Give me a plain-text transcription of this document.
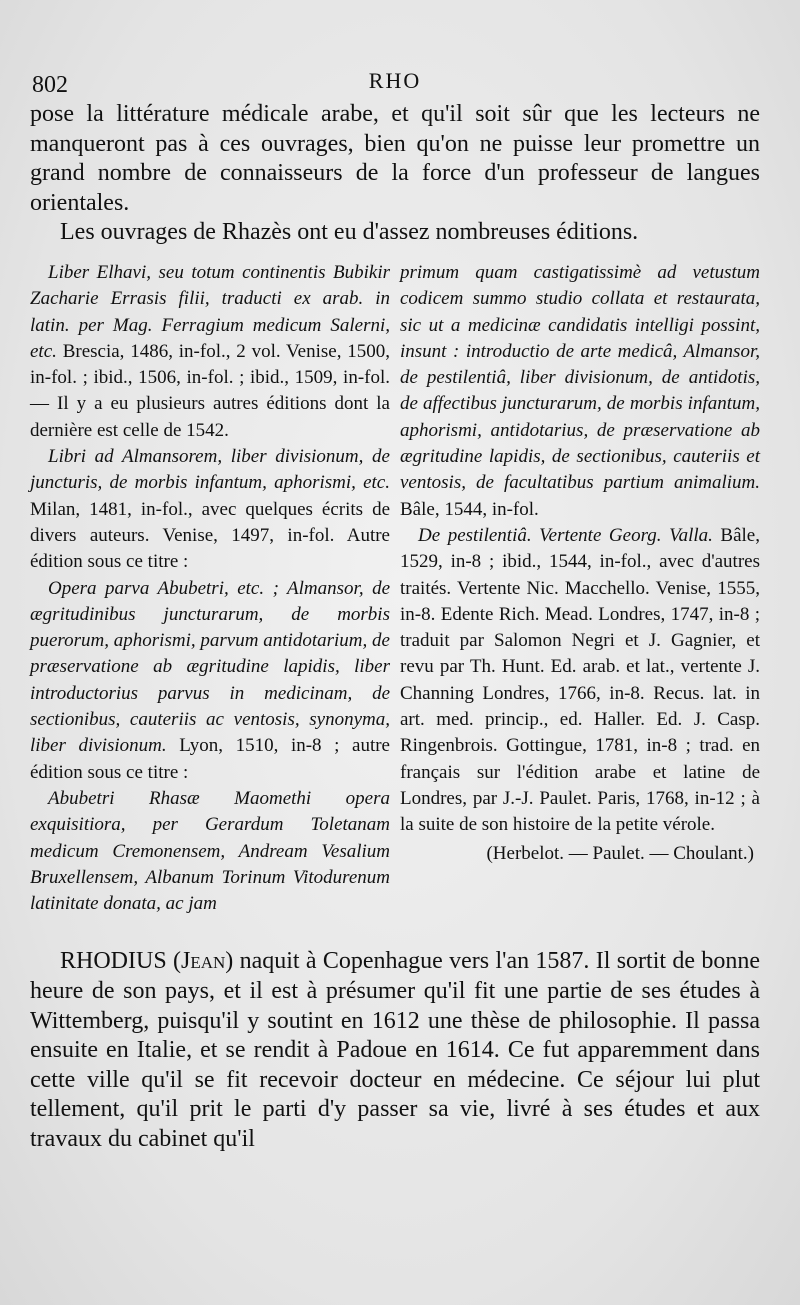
802	RHO

pose la littérature médicale arabe, et qu'il soit sûr que les lecteurs ne manqueront pas à ces ouvrages, bien qu'on ne puisse leur promettre un grand nombre de connaisseurs de la force d'un professeur de langues orientales.

Les ouvrages de Rhazès ont eu d'assez nombreuses éditions.

Liber Elhavi, seu totum continentis Bubikir Zacharie Errasis filii, traducti ex arab. in latin. per Mag. Ferragium medicum Salerni, etc. Brescia, 1486, in-fol., 2 vol. Venise, 1500, in-fol. ; ibid., 1506, in-fol. ; ibid., 1509, in-fol. — Il y a eu plusieurs autres éditions dont la dernière est celle de 1542.

Libri ad Almansorem, liber divisionum, de juncturis, de morbis infantum, aphorismi, etc. Milan, 1481, in-fol., avec quelques écrits de divers auteurs. Venise, 1497, in-fol. Autre édition sous ce titre :

Opera parva Abubetri, etc. ; Almansor, de ægritudinibus juncturarum, de morbis puerorum, aphorismi, parvum antidotarium, de præservatione ab ægritudine lapidis, liber introductorius parvus in medicinam, de sectionibus, cauteriis ac ventosis, synonyma, liber divisionum. Lyon, 1510, in-8 ; autre édition sous ce titre :

Abubetri Rhasæ Maomethi opera exquisitiora, per Gerardum Toletanam medicum Cremonensem, Andream Vesalium Bruxellensem, Albanum Torinum Vitodurenum latinitate donata, ac jam

primum quam castigatissimè ad vetustum codicem summo studio collata et restaurata, sic ut a medicinæ candidatis intelligi possint, insunt : introductio de arte medicâ, Almansor, de pestilentiâ, liber divisionum, de antidotis, de affectibus juncturarum, de morbis infantum, aphorismi, antidotarius, de præservatione ab ægritudine lapidis, de sectionibus, cauteriis et ventosis, de facultatibus partium animalium. Bâle, 1544, in-fol.

De pestilentiâ. Vertente Georg. Valla. Bâle, 1529, in-8 ; ibid., 1544, in-fol., avec d'autres traités. Vertente Nic. Macchello. Venise, 1555, in-8. Edente Rich. Mead. Londres, 1747, in-8 ; traduit par Salomon Negri et J. Gagnier, et revu par Th. Hunt. Ed. arab. et lat., vertente J. Channing Londres, 1766, in-8. Recus. lat. in art. med. princip., ed. Haller. Ed. J. Casp. Ringenbrois. Gottingue, 1781, in-8 ; trad. en français sur l'édition arabe et latine de Londres, par J.-J. Paulet. Paris, 1768, in-12 ; à la suite de son histoire de la petite vérole.

(Herbelot. — Paulet. — Choulant.)

RHODIUS (Jean) naquit à Copenhague vers l'an 1587. Il sortit de bonne heure de son pays, et il est à présumer qu'il fit une partie de ses études à Wittemberg, puisqu'il y soutint en 1612 une thèse de philosophie. Il passa ensuite en Italie, et se rendit à Padoue en 1614. Ce fut apparemment dans cette ville qu'il se fit recevoir docteur en médecine. Ce séjour lui plut tellement, qu'il prit le parti d'y passer sa vie, livré à ses études et aux travaux du cabinet qu'il
